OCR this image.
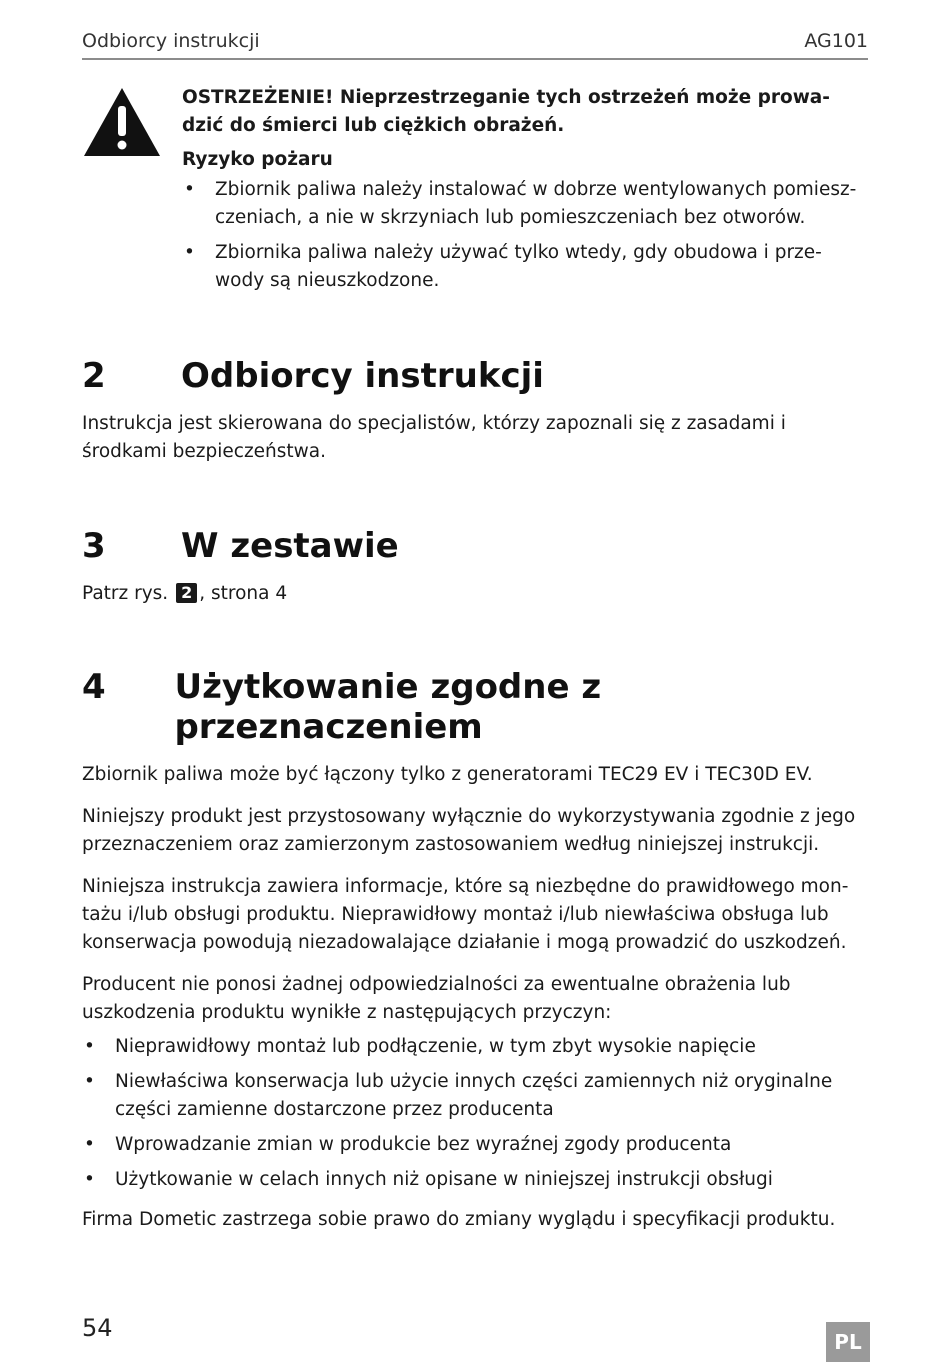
Odbiorcy instrukcji	AG101

OSTRZEŻENIE! Nieprzestrzeganie tych ostrzeżeń może prowa- dzić do śmierci lub ciężkich obrażeń.

Ryzyko pożaru

• Zbiornik paliwa należy instalować w dobrze wentylowanych pomiesz- czeniach, a nie w skrzyniach lub pomieszczeniach bez otworów.
• Zbiornika paliwa należy używać tylko wtedy, gdy obudowa i prze- wody są nieuszkodzone.
2	Odbiorcy instrukcji

Instrukcja jest skierowana do specjalistów, którzy zapoznali się z zasadami i środkami bezpieczeństwa.

3	W zestawie

Patrz rys. 2 , strona 4

4	Użytkowanie zgodne z przeznaczeniem

Zbiornik paliwa może być łączony tylko z generatorami TEC29 EV i TEC30D EV.

Niniejszy produkt jest przystosowany wyłącznie do wykorzystywania zgodnie z jego przeznaczeniem oraz zamierzonym zastosowaniem według niniejszej instrukcji.

Niniejsza instrukcja zawiera informacje, które są niezbędne do prawidłowego mon- tażu i/lub obsługi produktu. Nieprawidłowy montaż i/lub niewłaściwa obsługa lub konserwacja powodują niezadowalające działanie i mogą prowadzić do uszkodzeń.

Producent nie ponosi żadnej odpowiedzialności za ewentualne obrażenia lub uszkodzenia produktu wynikłe z następujących przyczyn:

• Nieprawidłowy montaż lub podłączenie, w tym zbyt wysokie napięcie
• Niewłaściwa konserwacja lub użycie innych części zamiennych niż oryginalne części zamienne dostarczone przez producenta
• Wprowadzanie zmian w produkcie bez wyraźnej zgody producenta
• Użytkowanie w celach innych niż opisane w niniejszej instrukcji obsługi

Firma Dometic zastrzega sobie prawo do zmiany wyglądu i specyfikacji produktu.

54	PL
